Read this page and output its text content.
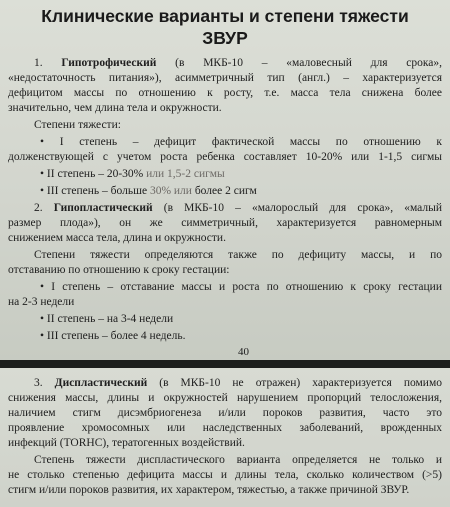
Клинические варианты и степени тяжести
ЗВУР
1. Гипотрофический (в МКБ-10 – «маловесный для срока»,
«недостаточность питания»), асимметричный тип (англ.) – характеризуется
дефицитом массы по отношению к росту, т.е. масса тела снижена более
значительно, чем длина тела и окружности.
Степени тяжести:
• I степень – дефицит фактической массы по отношению к
долженствующей с учетом роста ребенка составляет 10-20% или 1-1,5 сигмы
• II степень – 20-30% или 1,5-2 сигмы
• III степень – больше 30% или более 2 сигм
2. Гипопластический (в МКБ-10 – «малорослый для срока», «малый
размер плода»), он же симметричный, характеризуется равномерным
снижением масса тела, длина и окружности.
Степени тяжести определяются также по дефициту массы, и по
отставанию по отношению к сроку гестации:
• I степень – отставание массы и роста по отношению к сроку гестации
на 2-3 недели
• II степень – на 3-4 недели
• III степень – более 4 недель.
40
3. Диспластический (в МКБ-10 не отражен) характеризуется помимо
снижения массы, длины и окружностей нарушением пропорций телосложения,
наличием стигм дисэмбриогенеза и/или пороков развития, часто это
проявление хромосомных или наследственных заболеваний, врожденных
инфекций (TORHC), тератогенных воздействий.
Степень тяжести диспластического варианта определяется не только и
не столько степенью дефицита массы и длины тела, сколько количеством (>5)
стигм и/или пороков развития, их характером, тяжестью, а также причиной ЗВУР.
